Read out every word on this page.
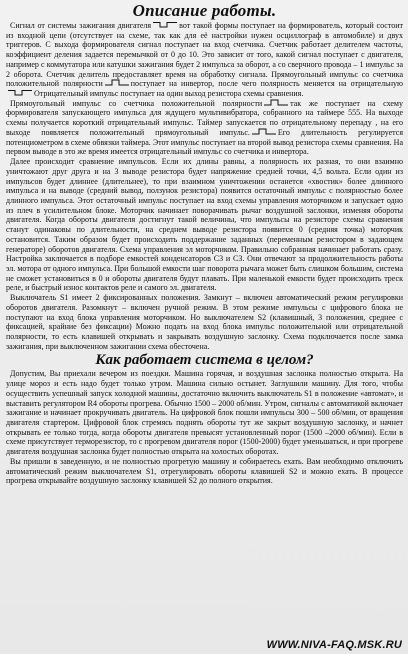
Описание работы.

Сигнал от системы зажигания двигателя	вот такой формы поступает на формирователь, который состоит из входной цепи (отсутствует на схеме, так как для её настройки нужен осциллограф в автомобиле) и двух триггеров. С выхода формирователя сигнал поступает на вход счетчика. Счетчик работает делителем частоты, коэффициент деления задается перемычкой от 0 до 10. Это зависит от того, какой сигнал поступает с двигателя, например с коммутатора или катушки зажигания будет 2 импульса за оборот, а со сверчного провода – 1 импульс за 2 оборота. Счетчик делитель предоставляет время на обработку сигнала. Прямоугольный импульс со счетчика положительной полярности	поступает на инвертор, после чего полярность меняется на отрицательную
Отрицательный импульс поступает на один выход резистора схемы сравнения.

Прямоугольный импульс со счетчика положительной полярности	так же поступает на схему формирователя запускающего импульса для ждущего мультивибратора, собранного на таймере 555. На выходе схемы получается короткий отрицательный импульс. Таймер запускается по отрицательному перепаду , на его выходе появляется положительный прямоугольный импульс.	Его длительность регулируется потенциометром в схеме обвязки таймера. Этот импульс поступает на второй вывод резистора схемы сравнения. На первом выводе в это же время имеется отрицательный импульс со счетчика и инвертора.

Далее происходит сравнение импульсов. Если их длины равны, а полярность их разная, то они взаимно уничтожают друг друга и на 3 выводе резистора будет напряжение средней точки, 4,5 вольта. Если один из импульсов будет длиннее (длительнее), то при взаимном уничтожении останется «хвостик» более длинного импульса и на выводе (средний вывод, ползунок резистора) появится остаточный импульс с полярностью более длинного импульса. Этот остаточный импульс поступает на вход схемы управления моторчиком и запускает одно из плеч в усилительном блоке. Моторчик начинает поворачивать рычаг воздушной заслонки, изменяя обороты двигателя. Когда обороты двигателя достигнут такой величины, что импульсы на резисторе схемы сравнения станут одинаковы по длительности, на среднем выводе резистора появится 0 (средняя точка) моторчик остановится. Таким образом будет происходить поддержание заданных (переменным резистором в задающем генераторе) оборотов двигателя. Схема управления эл моторчиком. Правильно собранная начинает работать сразу. Настройка заключается в подборе емкостей конденсаторов С3 и С3. Они отвечают за продолжительность работы эл. мотора от одного импульса. При большой емкости шаг поворота рычага может быть слишком большим, система не сможет установиться в 0 и обороты двигателя будут плавать. При маленькой емкости будет происходить треск реле, и быстрый износ контактов реле и самого эл. двигателя.

Выключатель S1 имеет 2 фиксированных положения. Замкнут – включен автоматический режим регулировки оборотов двигателя. Разомкнут – включен ручной режим. В этом режиме импульсы с цифрового блока не поступают на вход блока управления моторчиком. Но выключателем S2 (клавишный, 3 положения, среднее с фиксацией, крайние без фиксации) Можно подать на вход блока импульс положительной или отрицательной полярности, то есть клавишей открывать и закрывать воздушную заслонку. Схема подключается после замка зажигания, при выключенном зажигании схема обесточена.

Как работает система в целом?

Допустим, Вы приехали вечером из поездки. Машина горячая, и воздушная заслонка полностью открыта. На улице мороз и есть надо будет только утром. Машина сильно остынет. Заглушили машину. Для того, чтобы осуществить успешный запуск холодной машины, достаточно включить выключатель S1 в положение «автомат», и выставить регулятором R4 обороты прогрева. Обычно 1500 – 2000 об/мин. Утром, сигналы с автоматикой включает зажигание и начинает прокручивать двигатель. На цифровой блок пошли импульсы 300 – 500 об/мин, от вращения двигателя стартером. Цифровой блок стремясь поднять обороты тут же закрыт воздушную заслонку, и начнет открывать ее только тогда, когда обороты двигателя превысят установленный порог (1500 –2000 об/мин). Если в схеме присутствует терморезистор, то с прогревом двигателя порог (1500-2000) будет уменьшаться, и при прогреве двигателя воздушная заслонка будет полностью открыта на холостых оборотах.

Вы пришли в заведенную, и не полностью прогретую машину и собираетесь ехать. Вам необходимо отключить автоматический режим выключателем S1, отрегулировать обороты клавишей S2 и можно ехать. В процессе прогрева открывайте воздушную заслонку клавишей S2 до полного открытия.

WWW.NIVA-FAQ.MSK.RU
